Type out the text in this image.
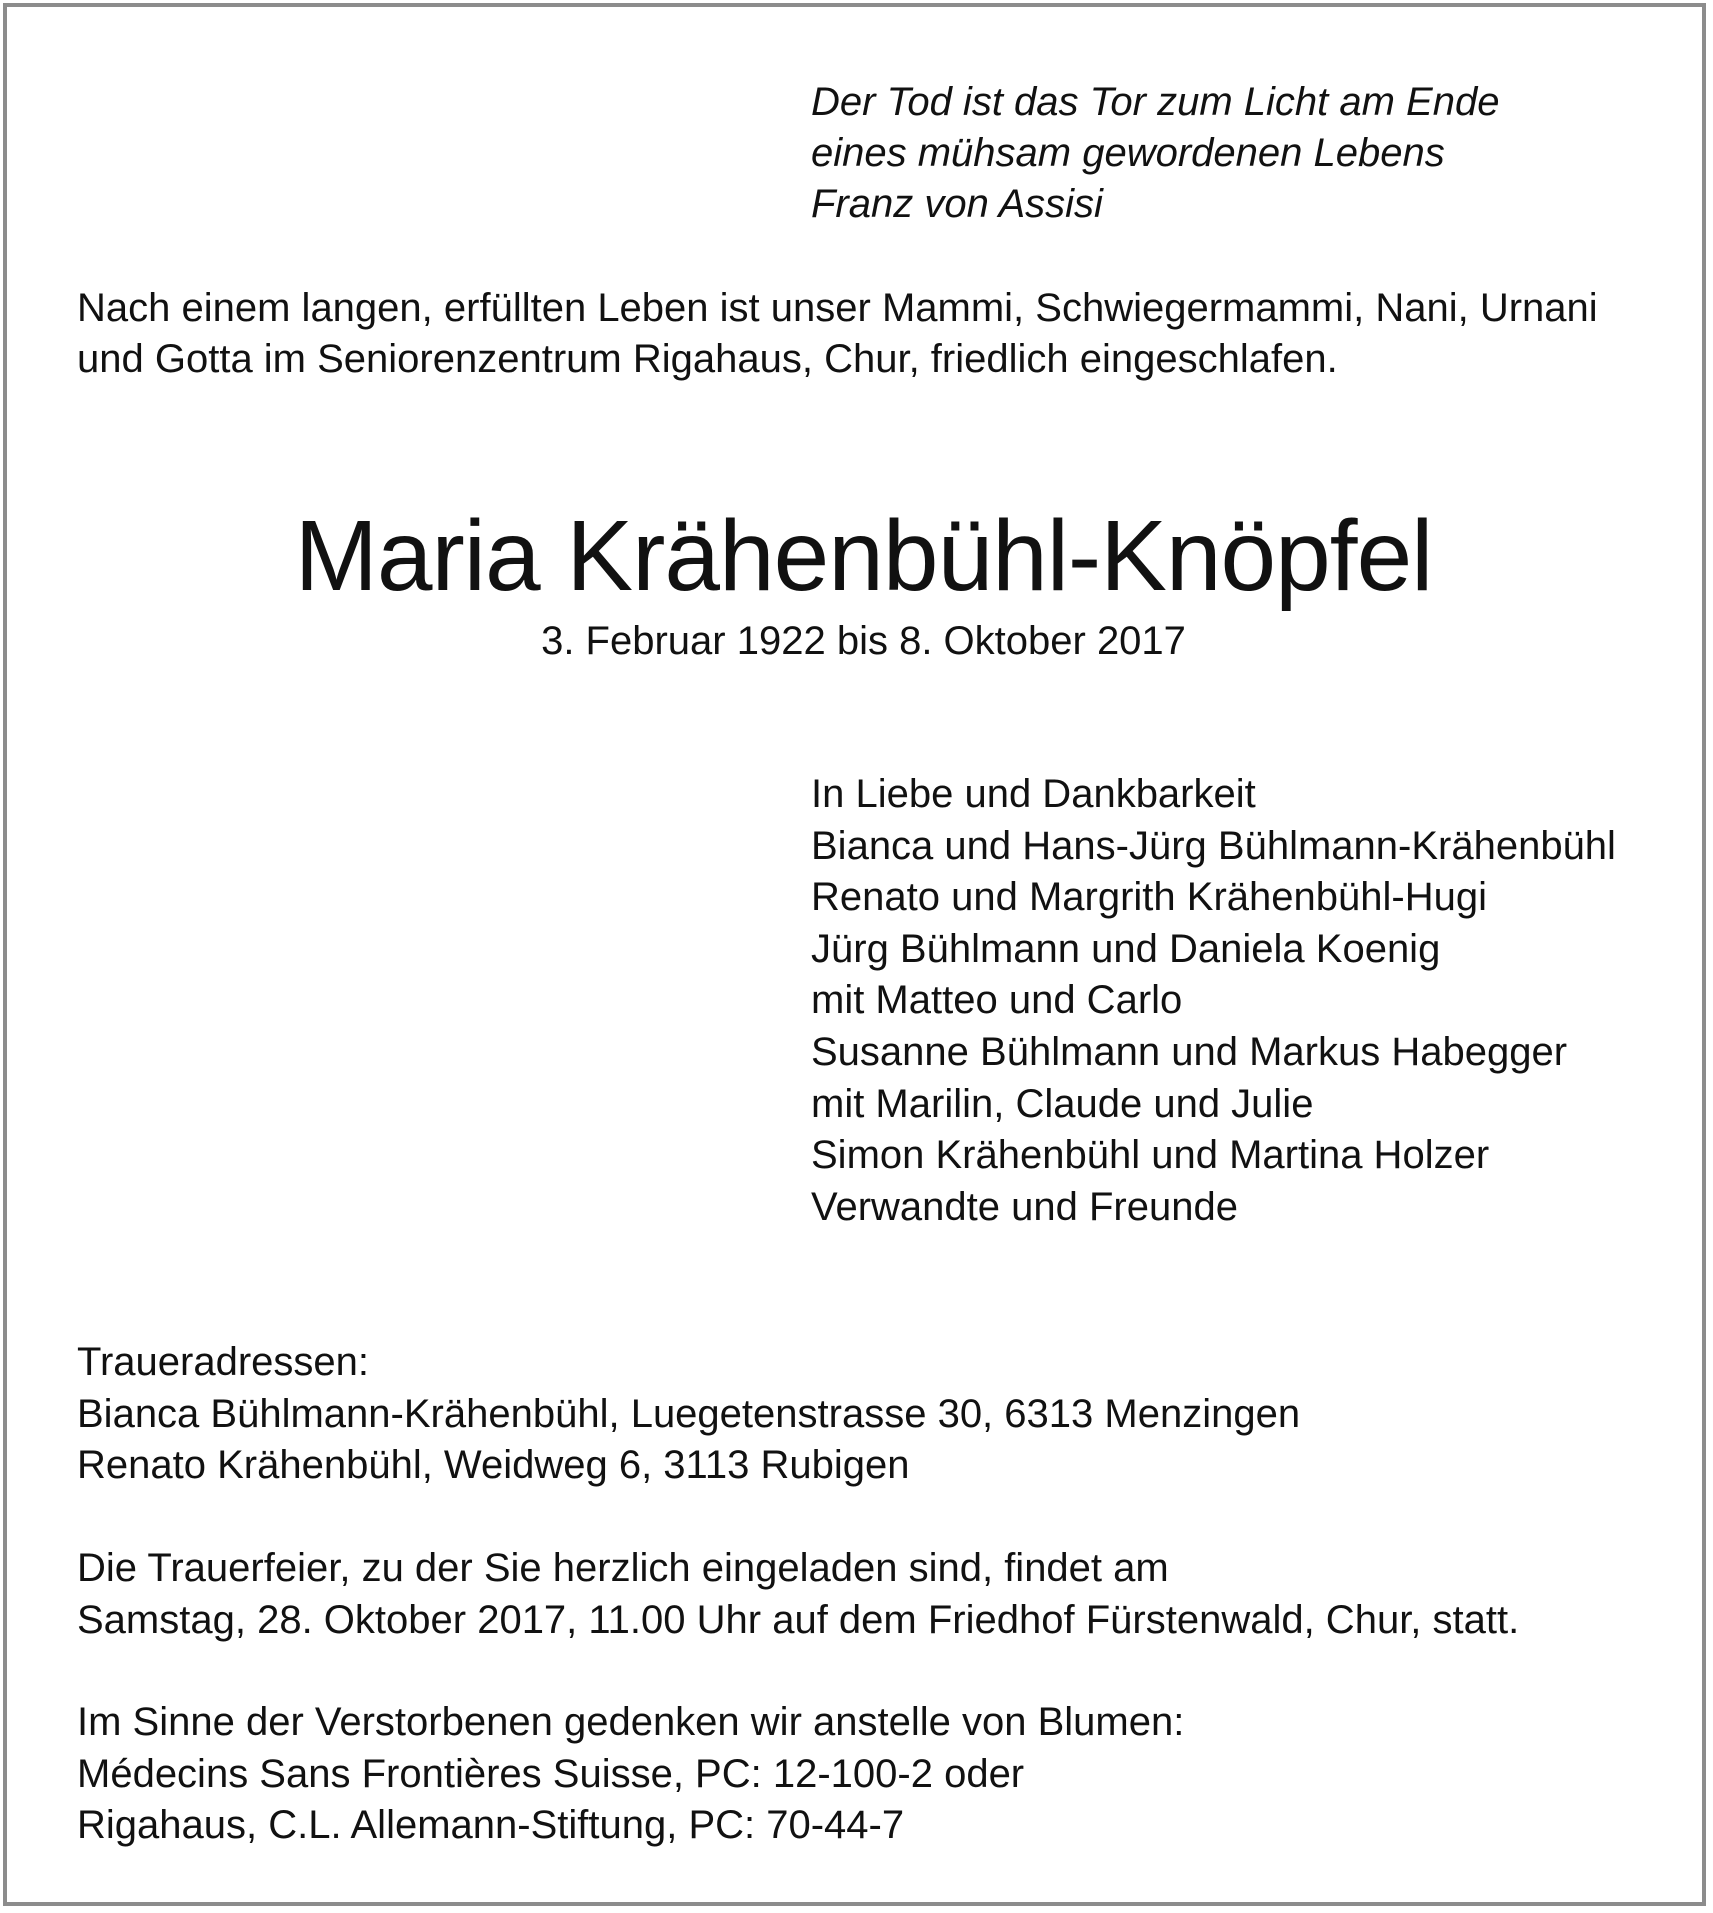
Der Tod ist das Tor zum Licht am Ende
eines mühsam gewordenen Lebens
Franz von Assisi
Nach einem langen, erfüllten Leben ist unser Mammi, Schwiegermammi, Nani, Urnani
und Gotta im Seniorenzentrum Rigahaus, Chur, friedlich eingeschlafen.
Maria Krähenbühl-Knöpfel
3. Februar 1922 bis 8. Oktober 2017
In Liebe und Dankbarkeit
Bianca und Hans-Jürg Bühlmann-Krähenbühl
Renato und Margrith Krähenbühl-Hugi
Jürg Bühlmann und Daniela Koenig
mit Matteo und Carlo
Susanne Bühlmann und Markus Habegger
mit Marilin, Claude und Julie
Simon Krähenbühl und Martina Holzer
Verwandte und Freunde
Traueradressen:
Bianca Bühlmann-Krähenbühl, Luegetenstrasse 30, 6313 Menzingen
Renato Krähenbühl, Weidweg 6, 3113 Rubigen
Die Trauerfeier, zu der Sie herzlich eingeladen sind, findet am
Samstag, 28. Oktober 2017, 11.00 Uhr auf dem Friedhof Fürstenwald, Chur, statt.
Im Sinne der Verstorbenen gedenken wir anstelle von Blumen:
Médecins Sans Frontières Suisse, PC: 12-100-2 oder
Rigahaus, C.L. Allemann-Stiftung, PC: 70-44-7
